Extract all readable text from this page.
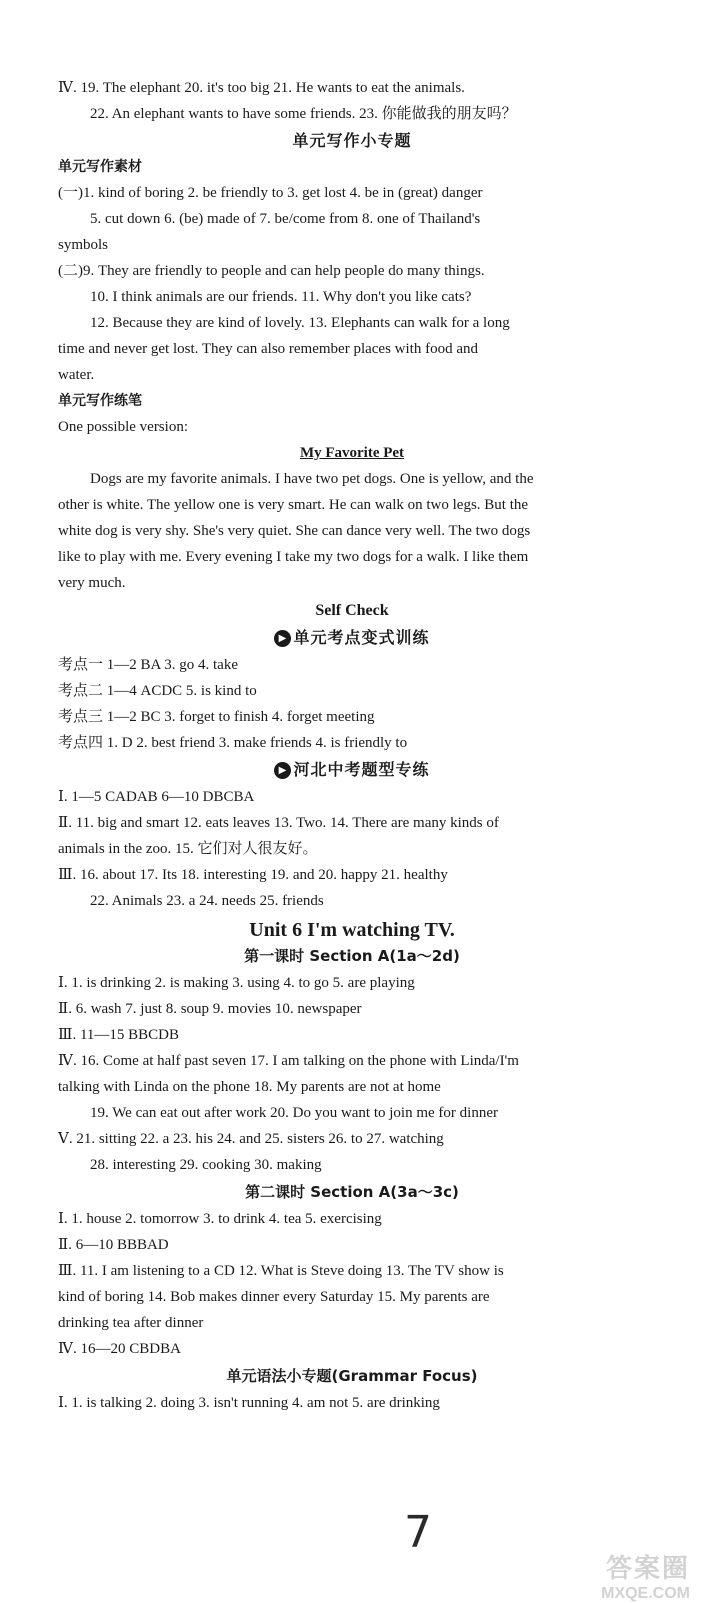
Ⅳ. 19. The elephant 20. it's too big 21. He wants to eat the animals.
22. An elephant wants to have some friends. 23. 你能做我的朋友吗？
单元写作小专题
单元写作素材
(一)1. kind of boring 2. be friendly to 3. get lost 4. be in (great) danger
5. cut down 6. (be) made of 7. be/come from 8. one of Thailand's
symbols
(二)9. They are friendly to people and can help people do many things.
10. I think animals are our friends. 11. Why don't you like cats?
12. Because they are kind of lovely. 13. Elephants can walk for a long
time and never get lost. They can also remember places with food and
water.
单元写作练笔
One possible version:
My Favorite Pet
Dogs are my favorite animals. I have two pet dogs. One is yellow, and the
other is white. The yellow one is very smart. He can walk on two legs. But the
white dog is very shy. She's very quiet. She can dance very well. The two dogs
like to play with me. Every evening I take my two dogs for a walk. I like them
very much.
Self Check
▶ 单元考点变式训练
考点一 1—2 BA 3. go 4. take
考点二 1—4 ACDC 5. is kind to
考点三 1—2 BC 3. forget to finish 4. forget meeting
考点四 1. D 2. best friend 3. make friends 4. is friendly to
▶ 河北中考题型专练
Ⅰ. 1—5 CADAB 6—10 DBCBA
Ⅱ. 11. big and smart 12. eats leaves 13. Two. 14. There are many kinds of
animals in the zoo. 15. 它们对人很友好。
Ⅲ. 16. about 17. Its 18. interesting 19. and 20. happy 21. healthy
22. Animals 23. a 24. needs 25. friends
Unit 6 I'm watching TV.
第一课时 Section A(1a～2d)
Ⅰ. 1. is drinking 2. is making 3. using 4. to go 5. are playing
Ⅱ. 6. wash 7. just 8. soup 9. movies 10. newspaper
Ⅲ. 11—15 BBCDB
Ⅳ. 16. Come at half past seven 17. I am talking on the phone with Linda/I'm
talking with Linda on the phone 18. My parents are not at home
19. We can eat out after work 20. Do you want to join me for dinner
Ⅴ. 21. sitting 22. a 23. his 24. and 25. sisters 26. to 27. watching
28. interesting 29. cooking 30. making
第二课时 Section A(3a～3c)
Ⅰ. 1. house 2. tomorrow 3. to drink 4. tea 5. exercising
Ⅱ. 6—10 BBBAD
Ⅲ. 11. I am listening to a CD 12. What is Steve doing 13. The TV show is
kind of boring 14. Bob makes dinner every Saturday 15. My parents are
drinking tea after dinner
Ⅳ. 16—20 CBDBA
单元语法小专题(Grammar Focus)
Ⅰ. 1. is talking 2. doing 3. isn't running 4. am not 5. are drinking
7
答案圈
MXQE.COM
